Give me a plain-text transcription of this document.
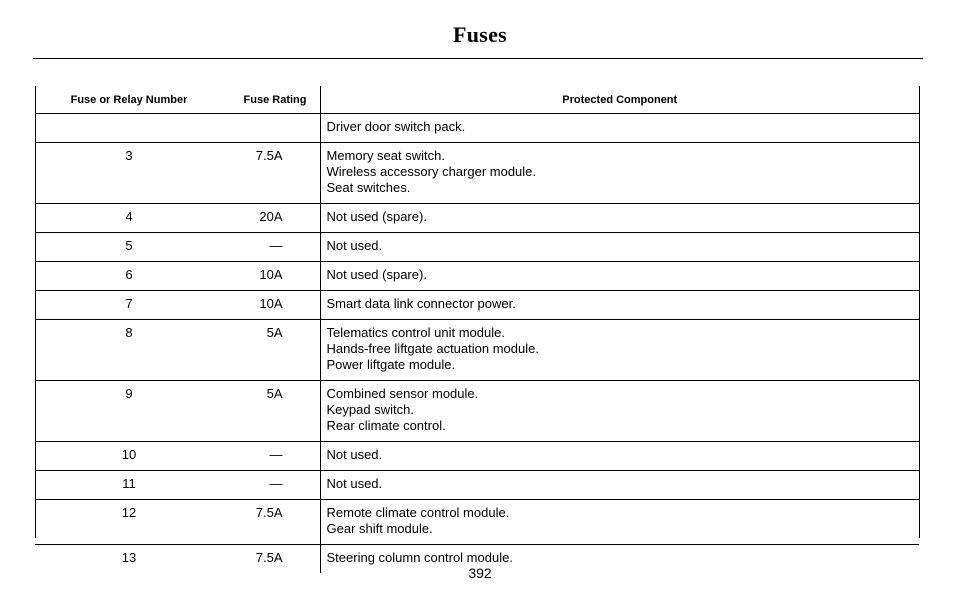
Fuses
Fuse or Relay Number	Fuse Rating	Protected Component

		Driver door switch pack.

3	7.5A	Memory seat switch.
Wireless accessory charger module.
Seat switches.

4	20A	Not used (spare).

5	—	Not used.

6	10A	Not used (spare).

7	10A	Smart data link connector power.

8	5A	Telematics control unit module.
Hands-free liftgate actuation module.
Power liftgate module.

9	5A	Combined sensor module.
Keypad switch.
Rear climate control.

10	—	Not used.

11	—	Not used.

12	7.5A	Remote climate control module.
Gear shift module.

13	7.5A	Steering column control module.
392
